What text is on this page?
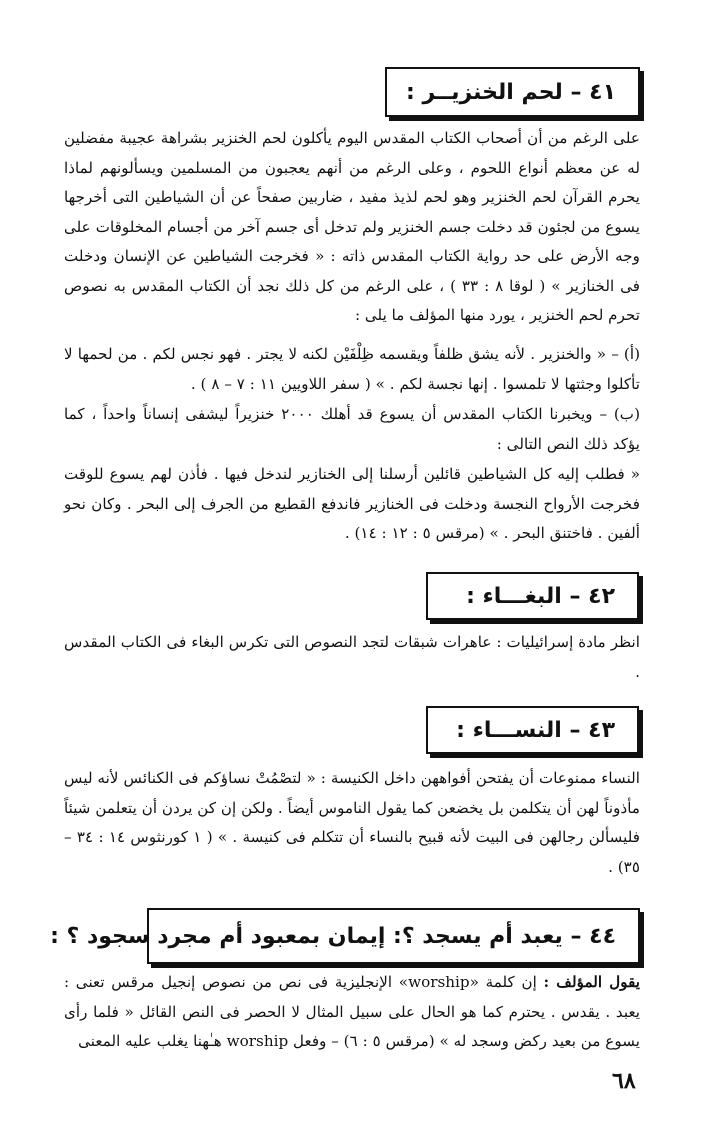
٤١ – لحم الخنزيــر :
على الرغم من أن أصحاب الكتاب المقدس اليوم يأكلون لحم الخنزير بشراهة عجيبة مفضلين له عن معظم أنواع اللحوم ، وعلى الرغم من أنهم يعجبون من المسلمين ويسألونهم لماذا يحرم القرآن لحم الخنزير وهو لحم لذيذ مفيد ، ضاربين صفحاً عن أن الشياطين التى أخرجها يسوع من لجئون قد دخلت جسم الخنزير ولم تدخل أى جسم آخر من أجسام المخلوقات على وجه الأرض على حد رواية الكتاب المقدس ذاته : « فخرجت الشياطين عن الإنسان ودخلت فى الخنازير » ( لوقا ٨ : ٣٣ ) ، على الرغم من كل ذلك نجد أن الكتاب المقدس به نصوص تحرم لحم الخنزير ، يورد منها المؤلف ما يلى :
(أ) – « والخنزير . لأنه يشق ظلفاً ويقسمه ظِلْفَيْن لكنه لا يجتر . فهو نجس لكم . من لحمها لا تأكلوا وجثتها لا تلمسوا . إنها نجسة لكم . » ( سفر اللاويين ١١ : ٧ – ٨ ) .
(ب) – ويخبرنا الكتاب المقدس أن يسوع قد أهلك ٢٠٠٠ خنزيراً ليشفى إنساناً واحداً ، كما يؤكد ذلك النص التالى :
« فطلب إليه كل الشياطين قائلين أرسلنا إلى الخنازير لندخل فيها . فأذن لهم يسوع للوقت فخرجت الأرواح النجسة ودخلت فى الخنازير فاندفع القطيع من الجرف إلى البحر . وكان نحو ألفين . فاختنق البحر . » (مرقس ٥ : ١٢ : ١٤) .
٤٢ – البغـــاء :
انظر مادة إسرائيليات : عاهرات شبقات لتجد النصوص التى تكرس البغاء فى الكتاب المقدس .
٤٣ – النســـاء :
النساء ممنوعات أن يفتحن أفواههن داخل الكنيسة : « لتصْمُتْ نساؤكم فى الكنائس لأنه ليس مأذوناً لهن أن يتكلمن بل يخضعن كما يقول الناموس أيضاً . ولكن إن كن يردن أن يتعلمن شيئاً فليسألن رجالهن فى البيت لأنه قبيح بالنساء أن تتكلم فى كنيسة . » ( ١ كورنثوس ١٤ : ٣٤ – ٣٥) .
٤٤ – يعبد أم يسجد ؟: إيمان بمعبود أم مجرد سجود ؟ :
يقول المؤلف : إن كلمة «worship» الإنجليزية فى نص من نصوص إنجيل مرقس تعنى : يعبد . يقدس . يحترم كما هو الحال على سبيل المثال لا الحصر فى النص القائل « فلما رأى يسوع من بعيد ركض وسجد له » (مرقس ٥ : ٦) – وفعل worship هـٰهنا يغلب عليه المعنى
٦٨
